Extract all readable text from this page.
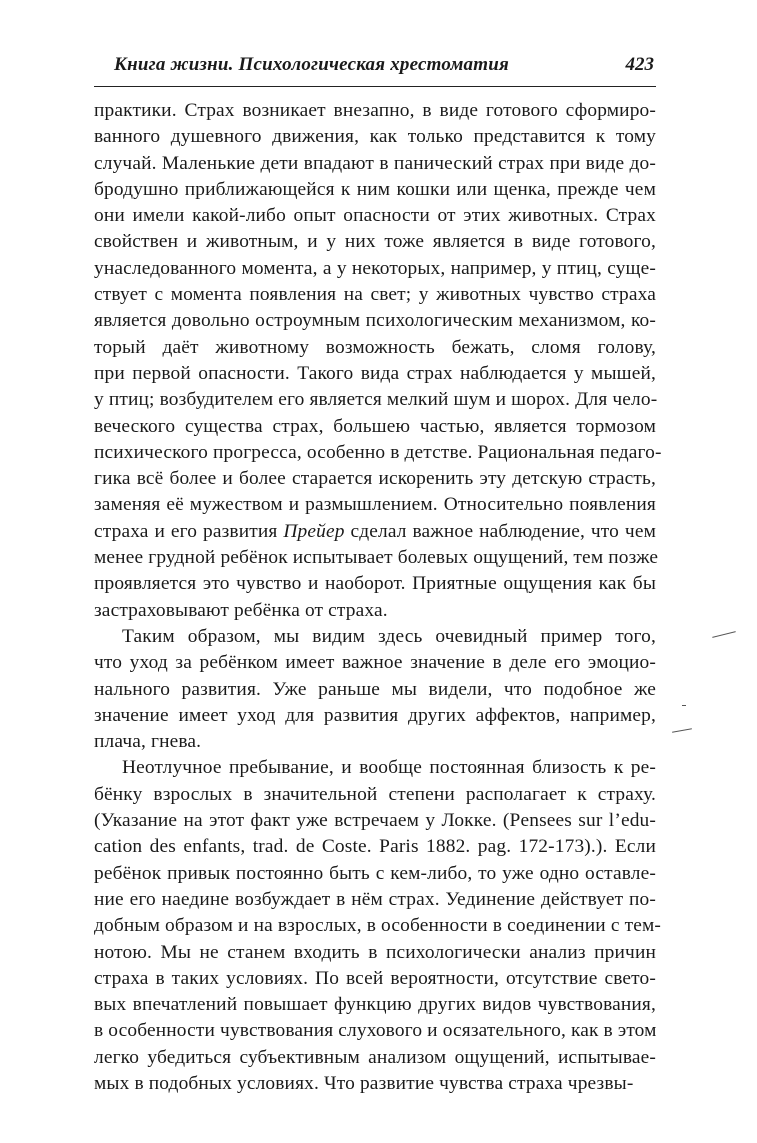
Книга жизни. Психологическая хрестоматия	423
практики. Страх возникает внезапно, в виде готового сформиро-
ванного душевного движения, как только представится к тому
случай. Маленькие дети впадают в панический страх при виде до-
бродушно приближающейся к ним кошки или щенка, прежде чем
они имели какой-либо опыт опасности от этих животных. Страх
свойствен и животным, и у них тоже является в виде готового,
унаследованного момента, а у некоторых, например, у птиц, суще-
ствует с момента появления на свет; у животных чувство страха
является довольно остроумным психологическим механизмом, ко-
торый даёт животному возможность бежать, сломя голову,
при первой опасности. Такого вида страх наблюдается у мышей,
у птиц; возбудителем его является мелкий шум и шорох. Для чело-
веческого существа страх, большею частью, является тормозом
психического прогресса, особенно в детстве. Рациональная педаго-
гика всё более и более старается искоренить эту детскую страсть,
заменяя её мужеством и размышлением. Относительно появления
страха и его развития Прейер сделал важное наблюдение, что чем
менее грудной ребёнок испытывает болевых ощущений, тем позже
проявляется это чувство и наоборот. Приятные ощущения как бы
застраховывают ребёнка от страха.
Таким образом, мы видим здесь очевидный пример того,
что уход за ребёнком имеет важное значение в деле его эмоцио-
нального развития. Уже раньше мы видели, что подобное же
значение имеет уход для развития других аффектов, например,
плача, гнева.
Неотлучное пребывание, и вообще постоянная близость к ре-
бёнку взрослых в значительной степени располагает к страху.
(Указание на этот факт уже встречаем у Локке. (Pensees sur l’edu-
cation des enfants, trad. de Coste. Paris 1882. pag. 172-173).). Если
ребёнок привык постоянно быть с кем-либо, то уже одно оставле-
ние его наедине возбуждает в нём страх. Уединение действует по-
добным образом и на взрослых, в особенности в соединении с тем-
нотою. Мы не станем входить в психологически анализ причин
страха в таких условиях. По всей вероятности, отсутствие свето-
вых впечатлений повышает функцию других видов чувствования,
в особенности чувствования слухового и осязательного, как в этом
легко убедиться субъективным анализом ощущений, испытывае-
мых в подобных условиях. Что развитие чувства страха чрезвы-
